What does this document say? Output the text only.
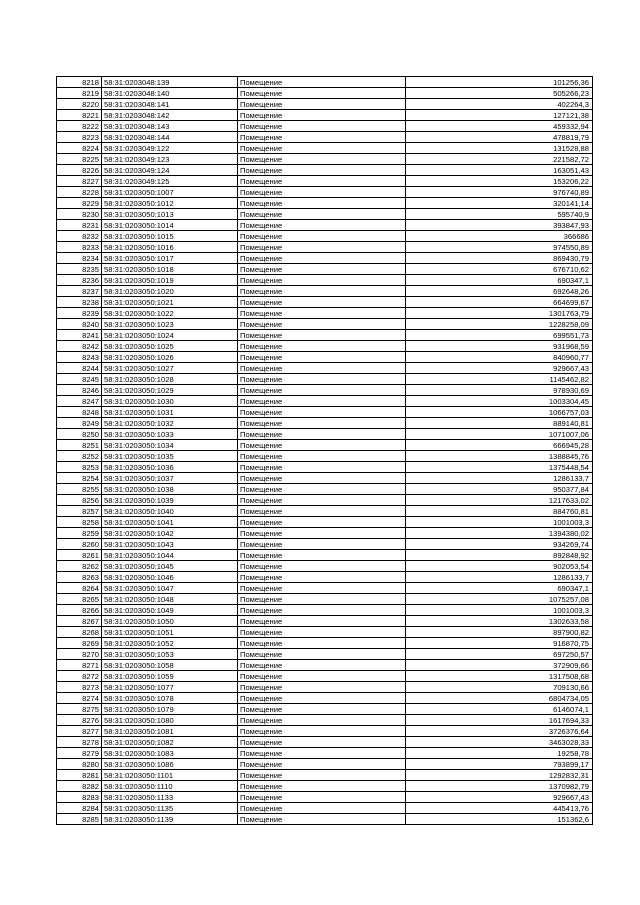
8218	58:31:0203048:139	Помещение	101256,36
8219	58:31:0203048:140	Помещение	505266,23
8220	58:31:0203048:141	Помещение	402264,3
8221	58:31:0203048:142	Помещение	127121,38
8222	58:31:0203048:143	Помещение	459332,94
8223	58:31:0203048:144	Помещение	478819,79
8224	58:31:0203049:122	Помещение	131528,88
8225	58:31:0203049:123	Помещение	221582,72
8226	58:31:0203049:124	Помещение	163051,43
8227	58:31:0203049:125	Помещение	153206,22
8228	58:31:0203050:1007	Помещение	976740,89
8229	58:31:0203050:1012	Помещение	320141,14
8230	58:31:0203050:1013	Помещение	595740,9
8231	58:31:0203050:1014	Помещение	393847,93
8232	58:31:0203050:1015	Помещение	366686
8233	58:31:0203050:1016	Помещение	974550,89
8234	58:31:0203050:1017	Помещение	869430,79
8235	58:31:0203050:1018	Помещение	676710,62
8236	58:31:0203050:1019	Помещение	690347,1
8237	58:31:0203050:1020	Помещение	692648,26
8238	58:31:0203050:1021	Помещение	664699,67
8239	58:31:0203050:1022	Помещение	1301763,79
8240	58:31:0203050:1023	Помещение	1228258,09
8241	58:31:0203050:1024	Помещение	699551,73
8242	58:31:0203050:1025	Помещение	931968,59
8243	58:31:0203050:1026	Помещение	840960,77
8244	58:31:0203050:1027	Помещение	929667,43
8245	58:31:0203050:1028	Помещение	1145462,82
8246	58:31:0203050:1029	Помещение	978930,69
8247	58:31:0203050:1030	Помещение	1003304,45
8248	58:31:0203050:1031	Помещение	1066757,03
8249	58:31:0203050:1032	Помещение	889140,81
8250	58:31:0203050:1033	Помещение	1071007,06
8251	58:31:0203050:1034	Помещение	666945,28
8252	58:31:0203050:1035	Помещение	1388845,76
8253	58:31:0203050:1036	Помещение	1375448,54
8254	58:31:0203050:1037	Помещение	1286133,7
8255	58:31:0203050:1038	Помещение	950377,84
8256	58:31:0203050:1039	Помещение	1217633,02
8257	58:31:0203050:1040	Помещение	884760,81
8258	58:31:0203050:1041	Помещение	1001003,3
8259	58:31:0203050:1042	Помещение	1394380,02
8260	58:31:0203050:1043	Помещение	934269,74
8261	58:31:0203050:1044	Помещение	892848,92
8262	58:31:0203050:1045	Помещение	902053,54
8263	58:31:0203050:1046	Помещение	1286133,7
8264	58:31:0203050:1047	Помещение	690347,1
8265	58:31:0203050:1048	Помещение	1075257,08
8266	58:31:0203050:1049	Помещение	1001003,3
8267	58:31:0203050:1050	Помещение	1302633,58
8268	58:31:0203050:1051	Помещение	897900,82
8269	58:31:0203050:1052	Помещение	916870,75
8270	58:31:0203050:1053	Помещение	697250,57
8271	58:31:0203050:1058	Помещение	372909,66
8272	58:31:0203050:1059	Помещение	1317508,68
8273	58:31:0203050:1077	Помещение	709130,66
8274	58:31:0203050:1078	Помещение	6804734,05
8275	58:31:0203050:1079	Помещение	6146074,1
8276	58:31:0203050:1080	Помещение	1617694,33
8277	58:31:0203050:1081	Помещение	3726376,64
8278	58:31:0203050:1082	Помещение	3463028,33
8279	58:31:0203050:1083	Помещение	19258,78
8280	58:31:0203050:1086	Помещение	793899,17
8281	58:31:0203050:1101	Помещение	1292832,31
8282	58:31:0203050:1110	Помещение	1370982,79
8283	58:31:0203050:1133	Помещение	929667,43
8284	58:31:0203050:1135	Помещение	445413,76
8285	58:31:0203050:1139	Помещение	151362,6
